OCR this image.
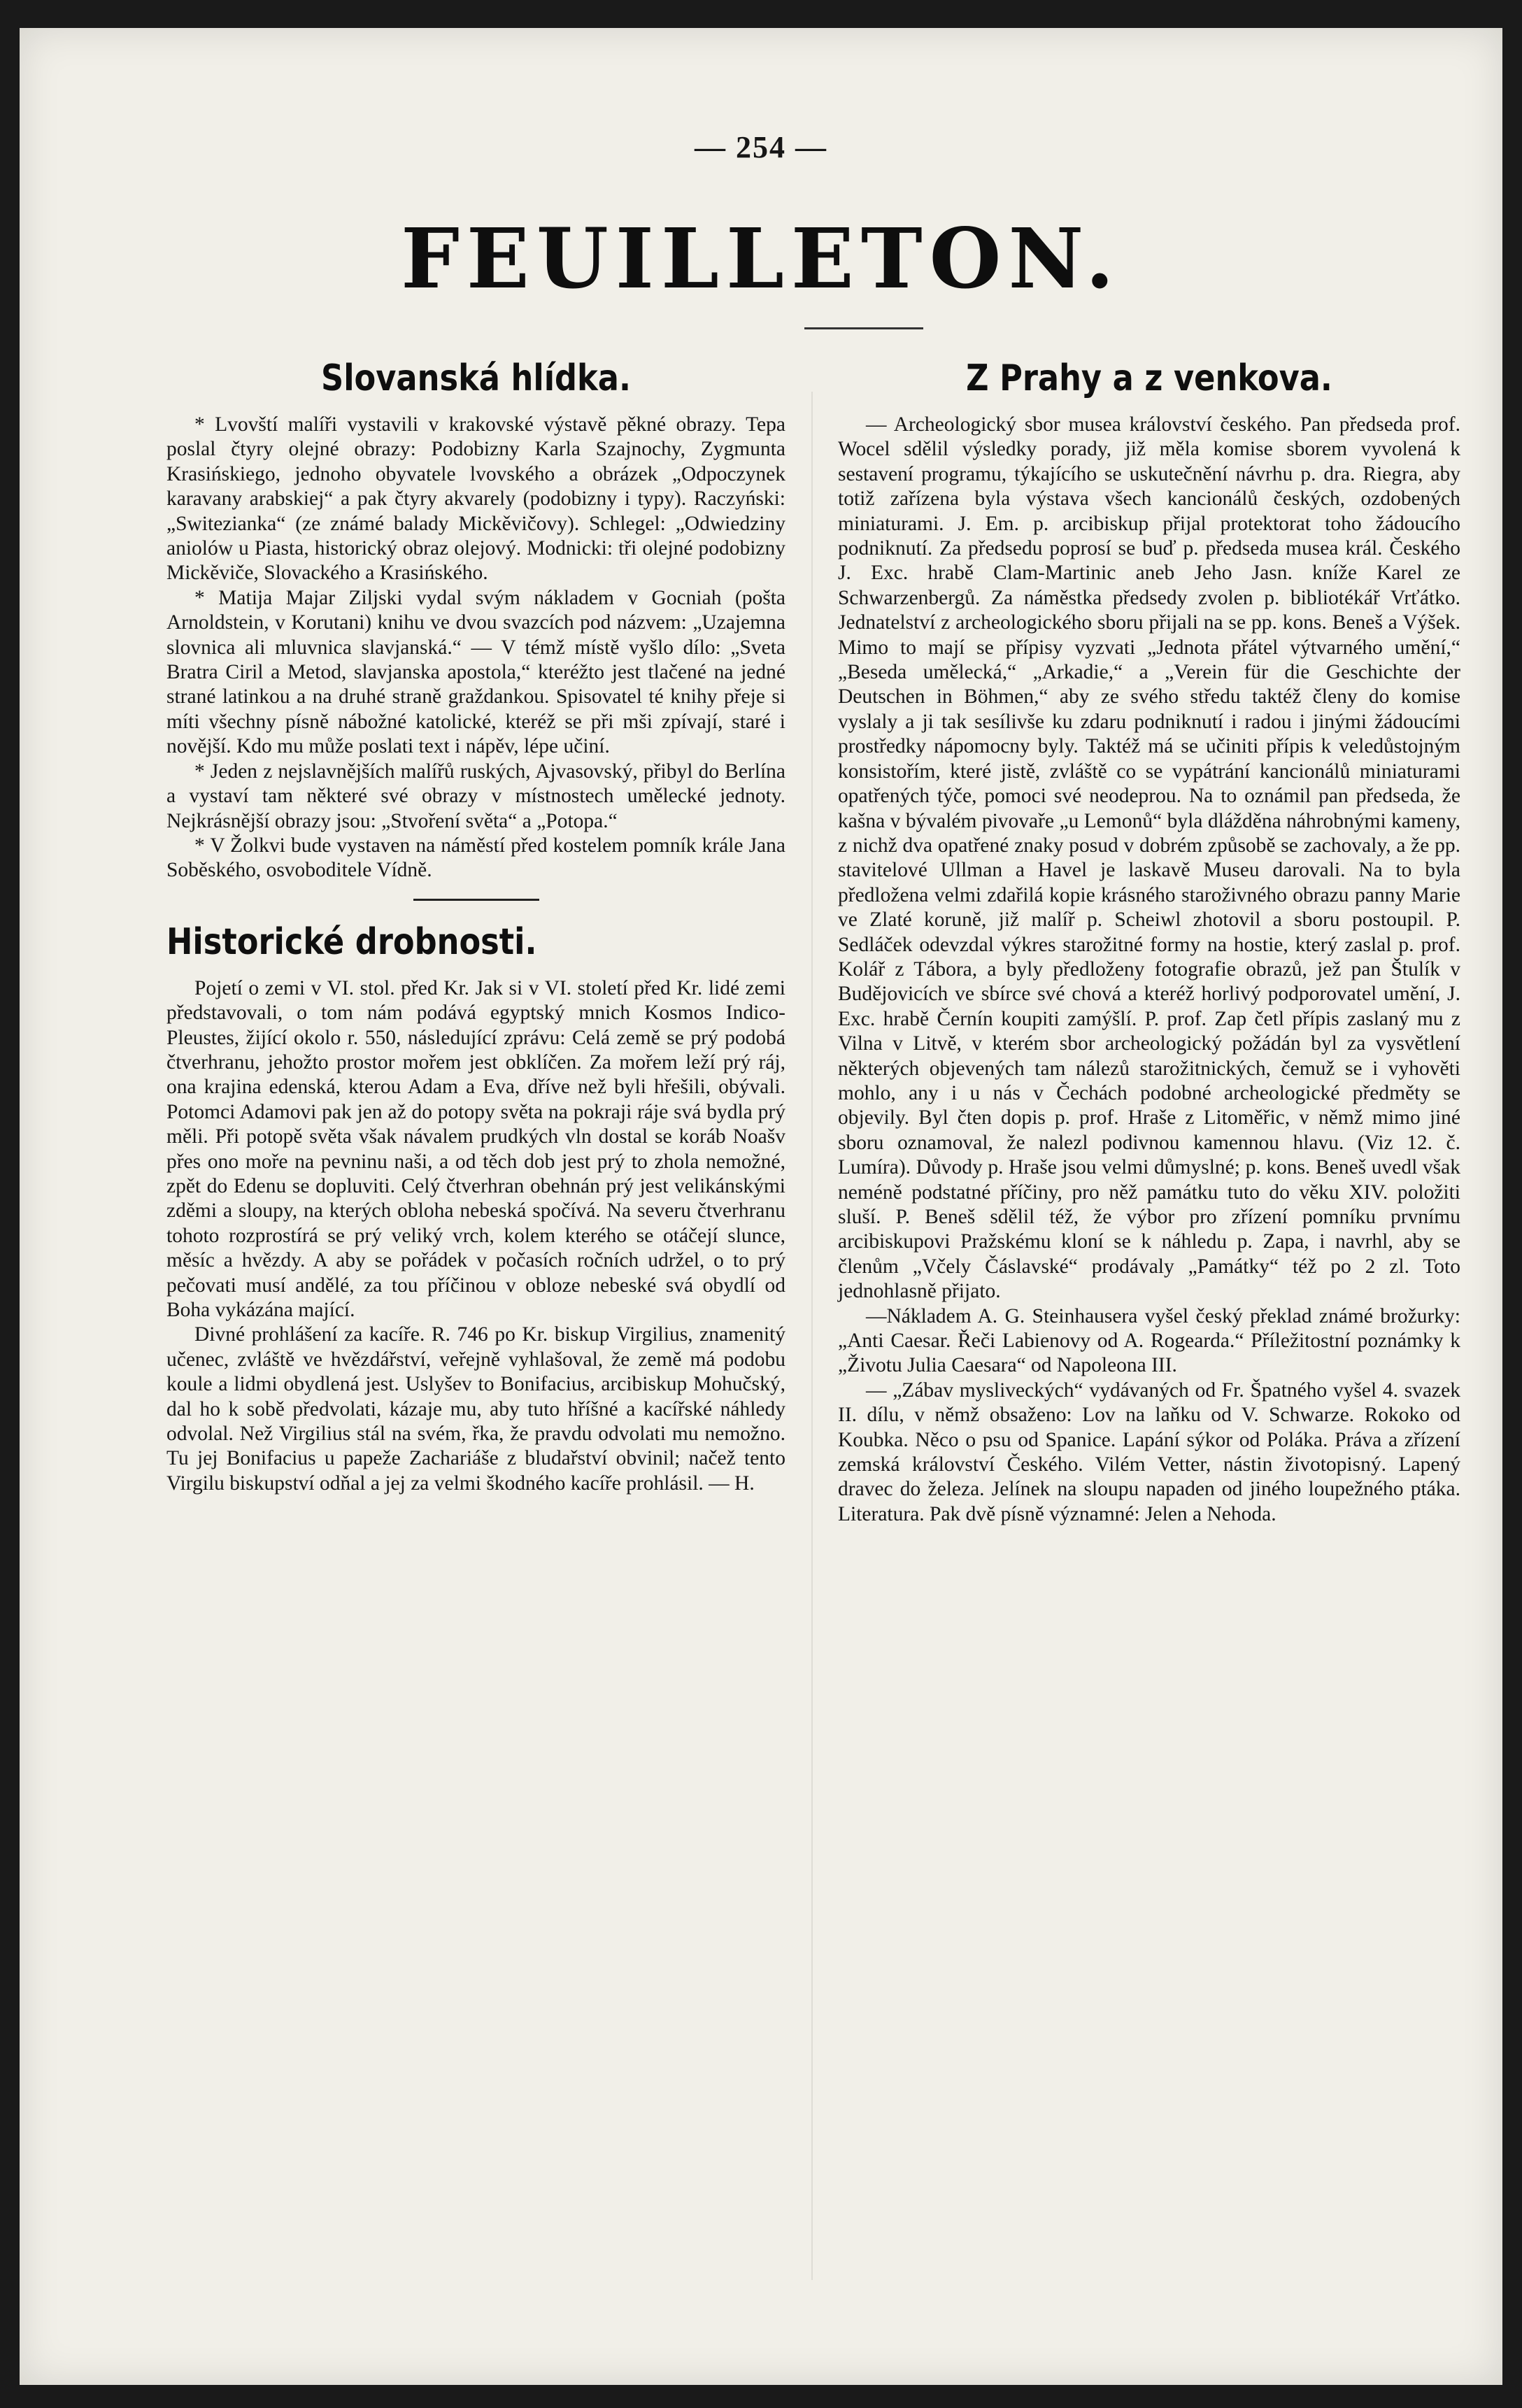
— 254 —
FEUILLETON.
Slovanská hlídka.

* Lvovští malíři vystavili v krakovské výstavě pěkné obrazy. Tepa poslal čtyry olejné obrazy: Podobizny Karla Szajnochy, Zygmunta Krasińskiego, jednoho obyvatele lvovského a obrázek „Odpoczynek karavany arabskiej“ a pak čtyry akvarely (podobizny i typy). Raczyński: „Switezianka“ (ze známé balady Mickěvičovy). Schlegel: „Odwiedziny aniolów u Piasta, historický obraz olejový. Modnicki: tři olejné podobizny Mickěviče, Slovackého a Krasińského.

* Matija Majar Ziljski vydal svým nákladem v Gocniah (pošta Arnoldstein, v Korutani) knihu ve dvou svazcích pod názvem: „Uzajemna slovnica ali mluvnica slavjanská.“ — V témž místě vyšlo dílo: „Sveta Bratra Ciril a Metod, slavjanska apostola,“ kteréžto jest tlačené na jedné strané latinkou a na druhé straně graždankou. Spisovatel té knihy přeje si míti všechny písně nábožné katolické, kteréž se při mši zpívají, staré i novější. Kdo mu může poslati text i nápěv, lépe učiní.

* Jeden z nejslavnějších malířů ruských, Ajvasovský, přibyl do Berlína a vystaví tam některé své obrazy v místnostech umělecké jednoty. Nejkrásnější obrazy jsou: „Stvoření světa“ a „Potopa.“

* V Žolkvi bude vystaven na náměstí před kostelem pomník krále Jana Soběského, osvoboditele Vídně.

Historické drobnosti.

Pojetí o zemi v VI. stol. před Kr. Jak si v VI. století před Kr. lidé zemi představovali, o tom nám podává egyptský mnich Kosmos Indico-Pleustes, žijící okolo r. 550, následující zprávu: Celá země se prý podobá čtverhranu, jehožto prostor mořem jest obklíčen. Za mořem leží prý ráj, ona krajina edenská, kterou Adam a Eva, dříve než byli hřešili, obývali. Potomci Adamovi pak jen až do potopy světa na pokraji ráje svá bydla prý měli. Při potopě světa však návalem prudkých vln dostal se koráb Noašv přes ono moře na pevninu naši, a od těch dob jest prý to zhola nemožné, zpět do Edenu se dopluviti. Celý čtverhran obehnán prý jest velikánskými zděmi a sloupy, na kterých obloha nebeská spočívá. Na severu čtverhranu tohoto rozprostírá se prý veliký vrch, kolem kterého se otáčejí slunce, měsíc a hvězdy. A aby se pořádek v počasích ročních udržel, o to prý pečovati musí andělé, za tou příčinou v obloze nebeské svá obydlí od Boha vykázána mající.

Divné prohlášení za kacíře. R. 746 po Kr. biskup Virgilius, znamenitý učenec, zvláště ve hvězdářství, veřejně vyhlašoval, že země má podobu koule a lidmi obydlená jest. Uslyšev to Bonifacius, arcibiskup Mohučský, dal ho k sobě předvolati, kázaje mu, aby tuto hříšné a kacířské náhledy odvolal. Než Virgilius stál na svém, řka, že pravdu odvolati mu nemožno. Tu jej Bonifacius u papeže Zachariáše z bludařství obvinil; načež tento Virgilu biskupství odňal a jej za velmi škodného kacíře prohlásil. — H.

Z Prahy a z venkova.

— Archeologický sbor musea království českého. Pan předseda prof. Wocel sdělil výsledky porady, již měla komise sborem vyvolená k sestavení programu, týkajícího se uskutečnění návrhu p. dra. Riegra, aby totiž zařízena byla výstava všech kancionálů českých, ozdobených miniaturami. J. Em. p. arcibiskup přijal protektorat toho žádoucího podniknutí. Za předsedu poprosí se buď p. předseda musea král. Českého J. Exc. hrabě Clam-Martinic aneb Jeho Jasn. kníže Karel ze Schwarzenbergů. Za náměstka předsedy zvolen p. bibliotékář Vrťátko. Jednatelství z archeologického sboru přijali na se pp. kons. Beneš a Výšek. Mimo to mají se přípisy vyzvati „Jednota přátel výtvarného umění,“ „Beseda umělecká,“ „Arkadie,“ a „Verein für die Geschichte der Deutschen in Böhmen,“ aby ze svého středu taktéž členy do komise vyslaly a ji tak sesílivše ku zdaru podniknutí i radou i jinými žádoucími prostředky nápomocny byly. Taktéž má se učiniti přípis k veledůstojným konsistořím, které jistě, zvláště co se vypátrání kancionálů miniaturami opatřených týče, pomoci své neodeprou. Na to oznámil pan předseda, že kašna v bývalém pivovaře „u Lemonů“ byla dlážděna náhrobnými kameny, z nichž dva opatřené znaky posud v dobrém způsobě se zachovaly, a že pp. stavitelové Ullman a Havel je laskavě Museu darovali. Na to byla předložena velmi zdařilá kopie krásného staroživného obrazu panny Marie ve Zlaté koruně, již malíř p. Scheiwl zhotovil a sboru postoupil. P. Sedláček odevzdal výkres starožitné formy na hostie, který zaslal p. prof. Kolář z Tábora, a byly předloženy fotografie obrazů, jež pan Štulík v Budějovicích ve sbírce své chová a kteréž horlivý podporovatel umění, J. Exc. hrabě Černín koupiti zamýšlí. P. prof. Zap četl přípis zaslaný mu z Vilna v Litvě, v kterém sbor archeologický požádán byl za vysvětlení některých objevených tam nálezů starožitnických, čemuž se i vyhověti mohlo, any i u nás v Čechách podobné archeologické předměty se objevily. Byl čten dopis p. prof. Hraše z Litoměřic, v němž mimo jiné sboru oznamoval, že nalezl podivnou kamennou hlavu. (Viz 12. č. Lumíra). Důvody p. Hraše jsou velmi důmyslné; p. kons. Beneš uvedl však neméně podstatné příčiny, pro něž památku tuto do věku XIV. položiti sluší. P. Beneš sdělil též, že výbor pro zřízení pomníku prvnímu arcibiskupovi Pražskému kloní se k náhledu p. Zapa, i navrhl, aby se členům „Včely Čáslavské“ prodávaly „Památky“ též po 2 zl. Toto jednohlasně přijato.

—Nákladem A. G. Steinhausera vyšel český překlad známé brožurky: „Anti Caesar. Řeči Labienovy od A. Rogearda.“ Příležitostní poznámky k „Životu Julia Caesara“ od Napoleona III.

— „Zábav mysliveckých“ vydávaných od Fr. Špatného vyšel 4. svazek II. dílu, v němž obsaženo: Lov na laňku od V. Schwarze. Rokoko od Koubka. Něco o psu od Spanice. Lapání sýkor od Poláka. Práva a zřízení zemská království Českého. Vilém Vetter, nástin životopisný. Lapený dravec do železa. Jelínek na sloupu napaden od jiného loupežného ptáka. Literatura. Pak dvě písně významné: Jelen a Nehoda.
